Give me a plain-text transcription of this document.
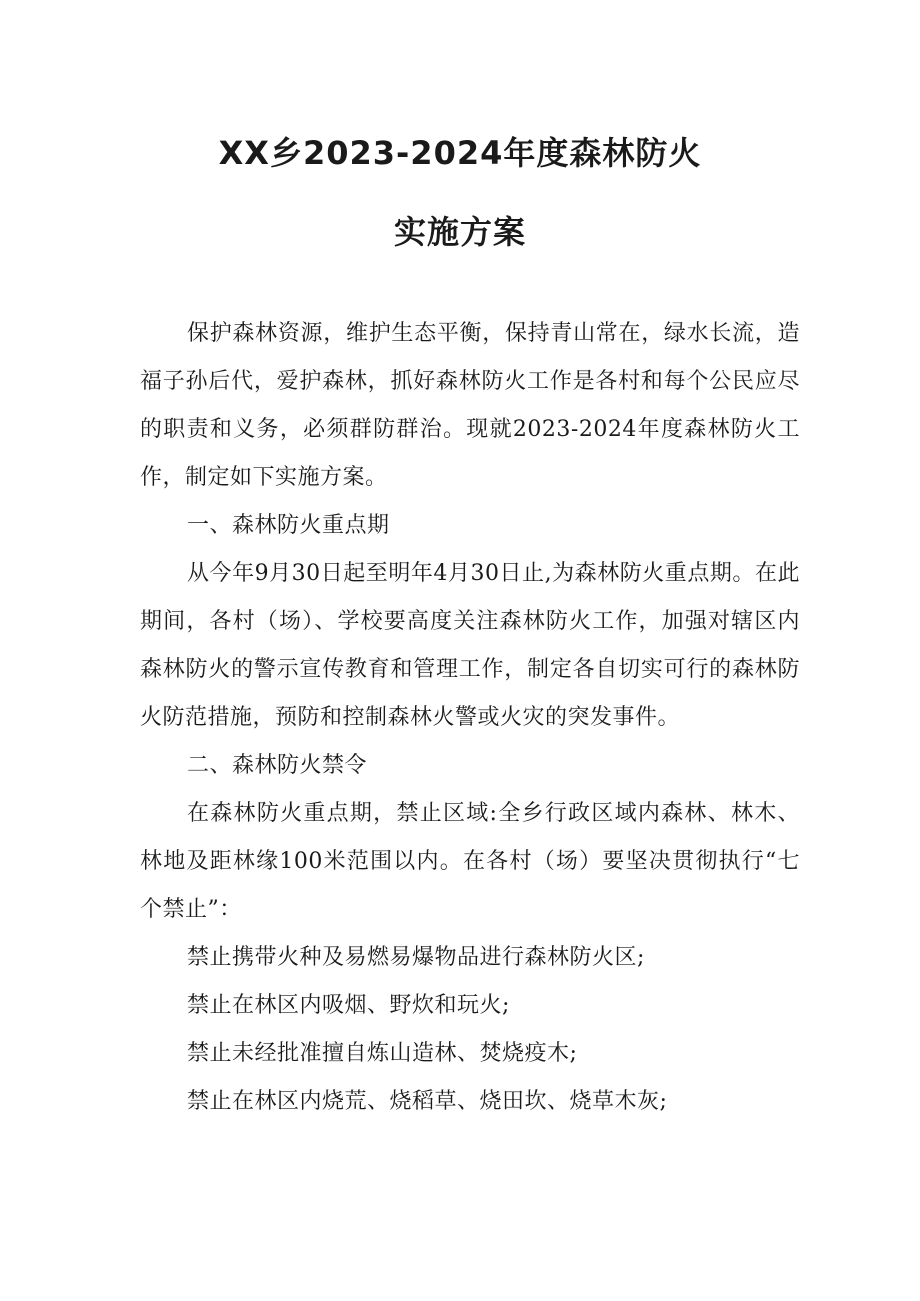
XX乡2023-2024年度森林防火
实施方案

保护森林资源，维护生态平衡，保持青山常在，绿水长流，造福子孙后代，爱护森林，抓好森林防火工作是各村和每个公民应尽的职责和义务，必须群防群治。现就2023-2024年度森林防火工作，制定如下实施方案。

一、森林防火重点期

从今年9月30日起至明年4月30日止,为森林防火重点期。在此期间，各村（场）、学校要高度关注森林防火工作，加强对辖区内森林防火的警示宣传教育和管理工作，制定各自切实可行的森林防火防范措施，预防和控制森林火警或火灾的突发事件。

二、森林防火禁令

在森林防火重点期，禁止区域:全乡行政区域内森林、林木、林地及距林缘100米范围以内。在各村（场）要坚决贯彻执行“七个禁止”：

禁止携带火种及易燃易爆物品进行森林防火区;

禁止在林区内吸烟、野炊和玩火;

禁止未经批准擅自炼山造林、焚烧疫木;

禁止在林区内烧荒、烧稻草、烧田坎、烧草木灰;
